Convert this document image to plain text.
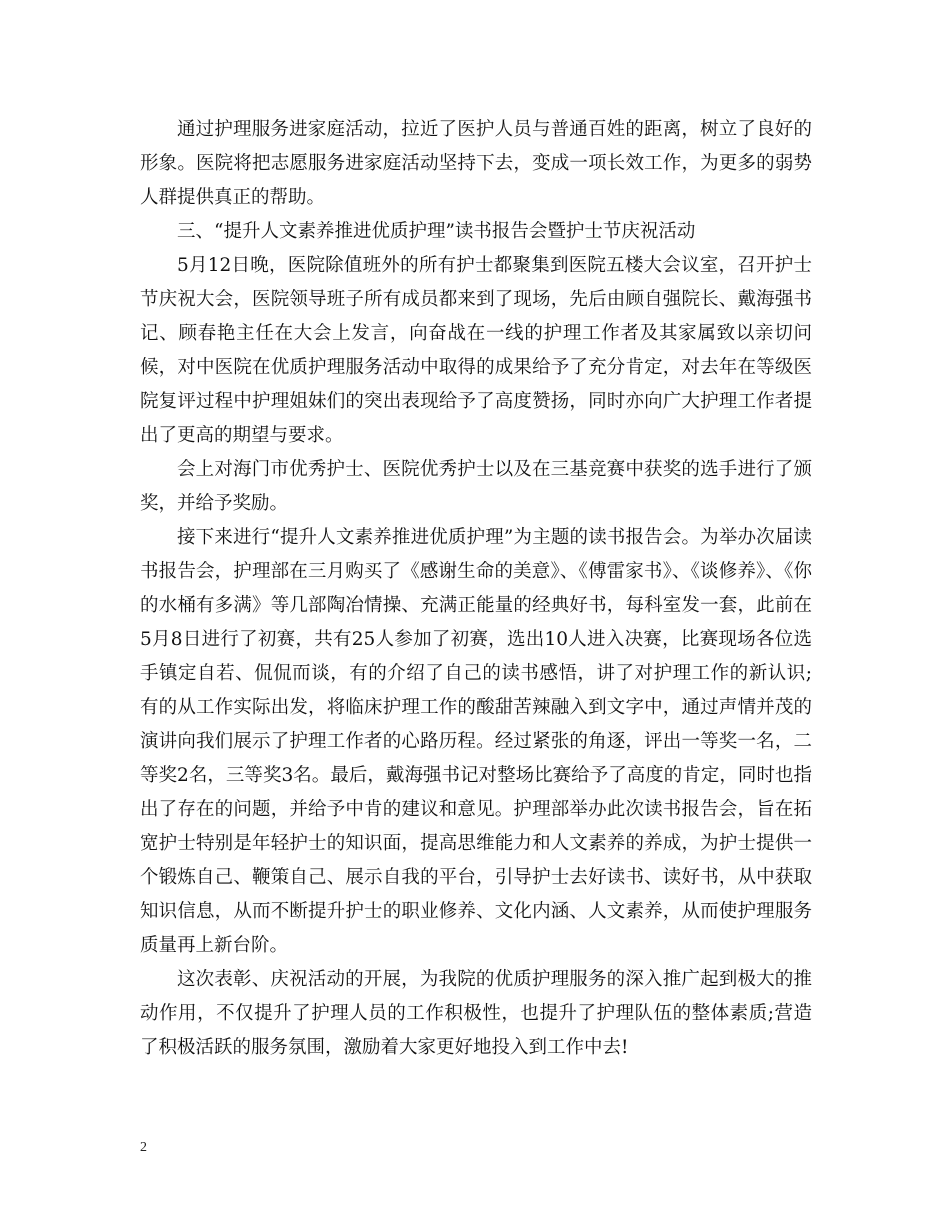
通过护理服务进家庭活动，拉近了医护人员与普通百姓的距离，树立了良好的形象。医院将把志愿服务进家庭活动坚持下去，变成一项长效工作，为更多的弱势人群提供真正的帮助。

三、“提升人文素养推进优质护理”读书报告会暨护士节庆祝活动

5月12日晚，医院除值班外的所有护士都聚集到医院五楼大会议室，召开护士节庆祝大会，医院领导班子所有成员都来到了现场，先后由顾自强院长、戴海强书记、顾春艳主任在大会上发言，向奋战在一线的护理工作者及其家属致以亲切问候，对中医院在优质护理服务活动中取得的成果给予了充分肯定，对去年在等级医院复评过程中护理姐妹们的突出表现给予了高度赞扬，同时亦向广大护理工作者提出了更高的期望与要求。

会上对海门市优秀护士、医院优秀护士以及在三基竞赛中获奖的选手进行了颁奖，并给予奖励。

接下来进行“提升人文素养推进优质护理”为主题的读书报告会。为举办次届读书报告会，护理部在三月购买了《感谢生命的美意》、《傅雷家书》、《谈修养》、《你的水桶有多满》等几部陶冶情操、充满正能量的经典好书，每科室发一套，此前在5月8日进行了初赛，共有25人参加了初赛，选出10人进入决赛，比赛现场各位选手镇定自若、侃侃而谈，有的介绍了自己的读书感悟，讲了对护理工作的新认识;有的从工作实际出发，将临床护理工作的酸甜苦辣融入到文字中，通过声情并茂的演讲向我们展示了护理工作者的心路历程。经过紧张的角逐，评出一等奖一名，二等奖2名，三等奖3名。最后，戴海强书记对整场比赛给予了高度的肯定，同时也指出了存在的问题，并给予中肯的建议和意见。护理部举办此次读书报告会，旨在拓宽护士特别是年轻护士的知识面，提高思维能力和人文素养的养成，为护士提供一个锻炼自己、鞭策自己、展示自我的平台，引导护士去好读书、读好书，从中获取知识信息，从而不断提升护士的职业修养、文化内涵、人文素养，从而使护理服务质量再上新台阶。

这次表彰、庆祝活动的开展，为我院的优质护理服务的深入推广起到极大的推动作用，不仅提升了护理人员的工作积极性，也提升了护理队伍的整体素质;营造了积极活跃的服务氛围，激励着大家更好地投入到工作中去!

2
